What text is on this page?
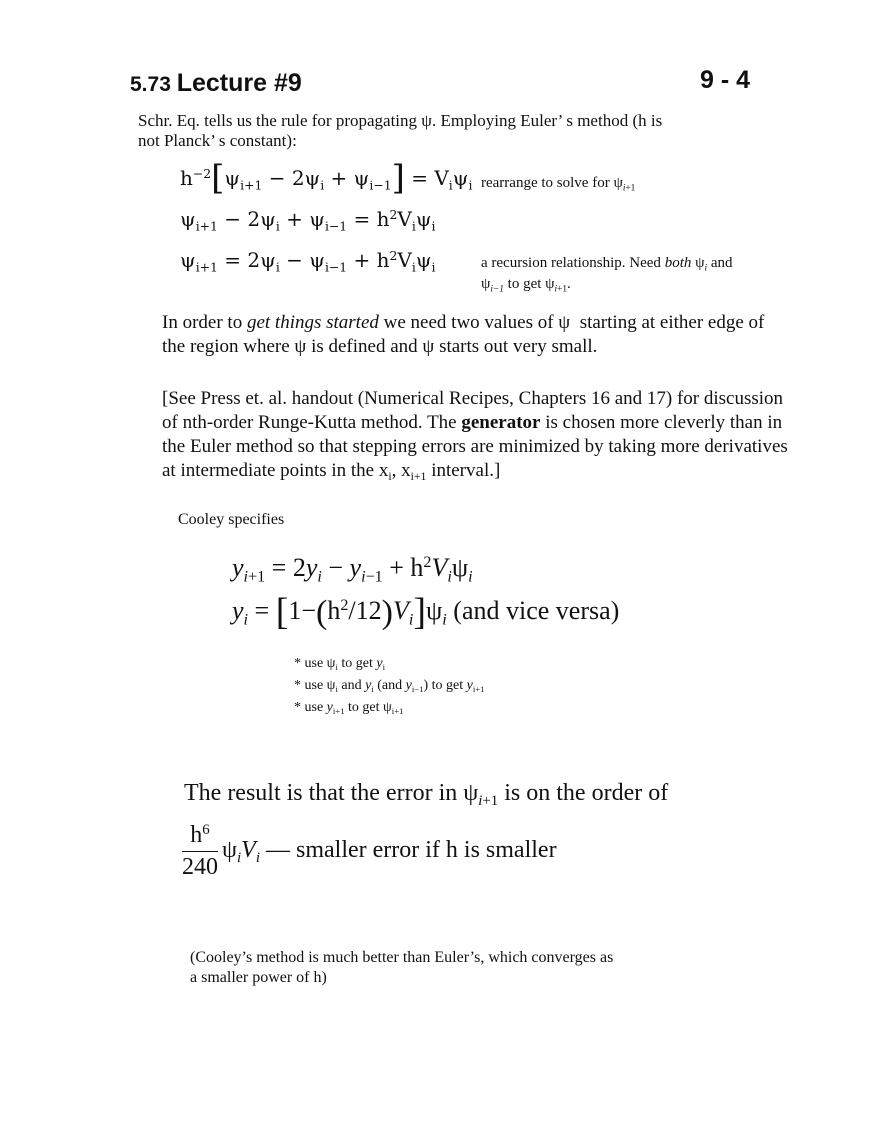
5.73 Lecture #9	9 - 4
Schr. Eq. tells us the rule for propagating ψ. Employing Euler’ s method (h is
not Planck’ s constant):
$h^{-2}[\psi_{i+1} - 2\psi_i + \psi_{i-1}] = V_i\psi_i$ rearrange to solve for $\psi_{i+1}$
$\psi_{i+1} - 2\psi_i + \psi_{i-1} = h^2V_i\psi_i$
$\psi_{i+1} = 2\psi_i - \psi_{i-1} + h^2V_i\psi_i$	a recursion relationship. Need both $\psi_i$ and
$\psi_{i-1}$ to get $\psi_{i+1}$.
In order to get things started we need two values of ψ  starting at either edge of the region where ψ is defined and ψ starts out very small.
[See Press et. al. handout (Numerical Recipes, Chapters 16 and 17) for discussion of nth-order Runge-Kutta method. The generator is chosen more cleverly than in the Euler method so that stepping errors are minimized by taking more derivatives at intermediate points in the $x_i$, $x_{i+1}$ interval.]
Cooley specifies
$y_{i+1} = 2y_i - y_{i-1} + h^2V_i\psi_i$
$y_i = [1-(h^2/12)V_i]\psi_i$ (and vice versa)
* use $\psi_i$ to get $y_i$
* use $\psi_i$ and $y_i$ (and $y_{i-1}$) to get $y_{i+1}$
* use $y_{i+1}$ to get $\psi_{i+1}$
The result is that the error in $\psi_{i+1}$ is on the order of
$\frac{h^6}{240} \psi_iV_i$ — smaller error if h is smaller
(Cooley’s method is much better than Euler’s, which converges as
a smaller power of h)
